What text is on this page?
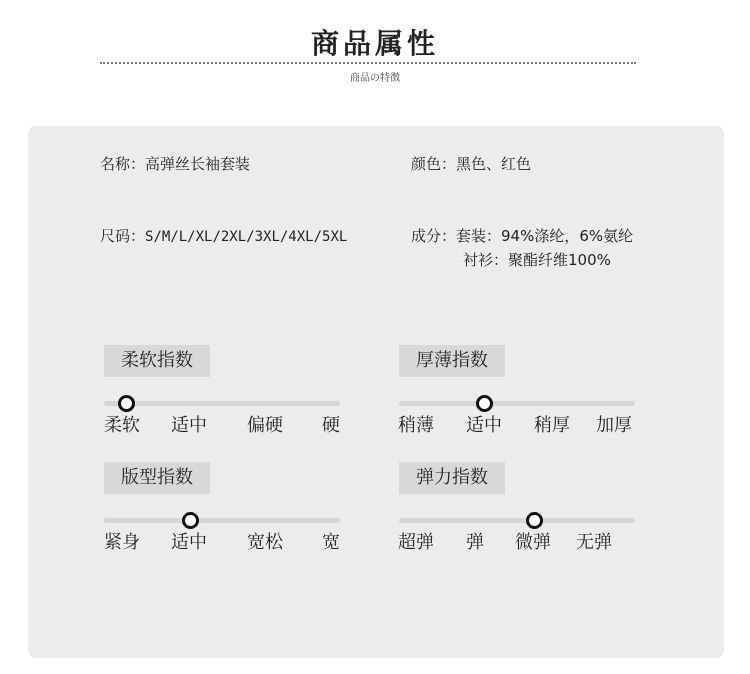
商品属性
商品の特徴
名称：高弹丝长袖套装	颜色：黑色、红色
尺码：S/M/L/XL/2XL/3XL/4XL/5XL	成分：套装：94%涤纶，6%氨纶
衬衫：聚酯纤维100%
柔软指数
柔软 适中 偏硬 硬
厚薄指数
稍薄 适中 稍厚 加厚
版型指数
紧身 适中 宽松 宽
弹力指数
超弹 弹 微弹 无弹
